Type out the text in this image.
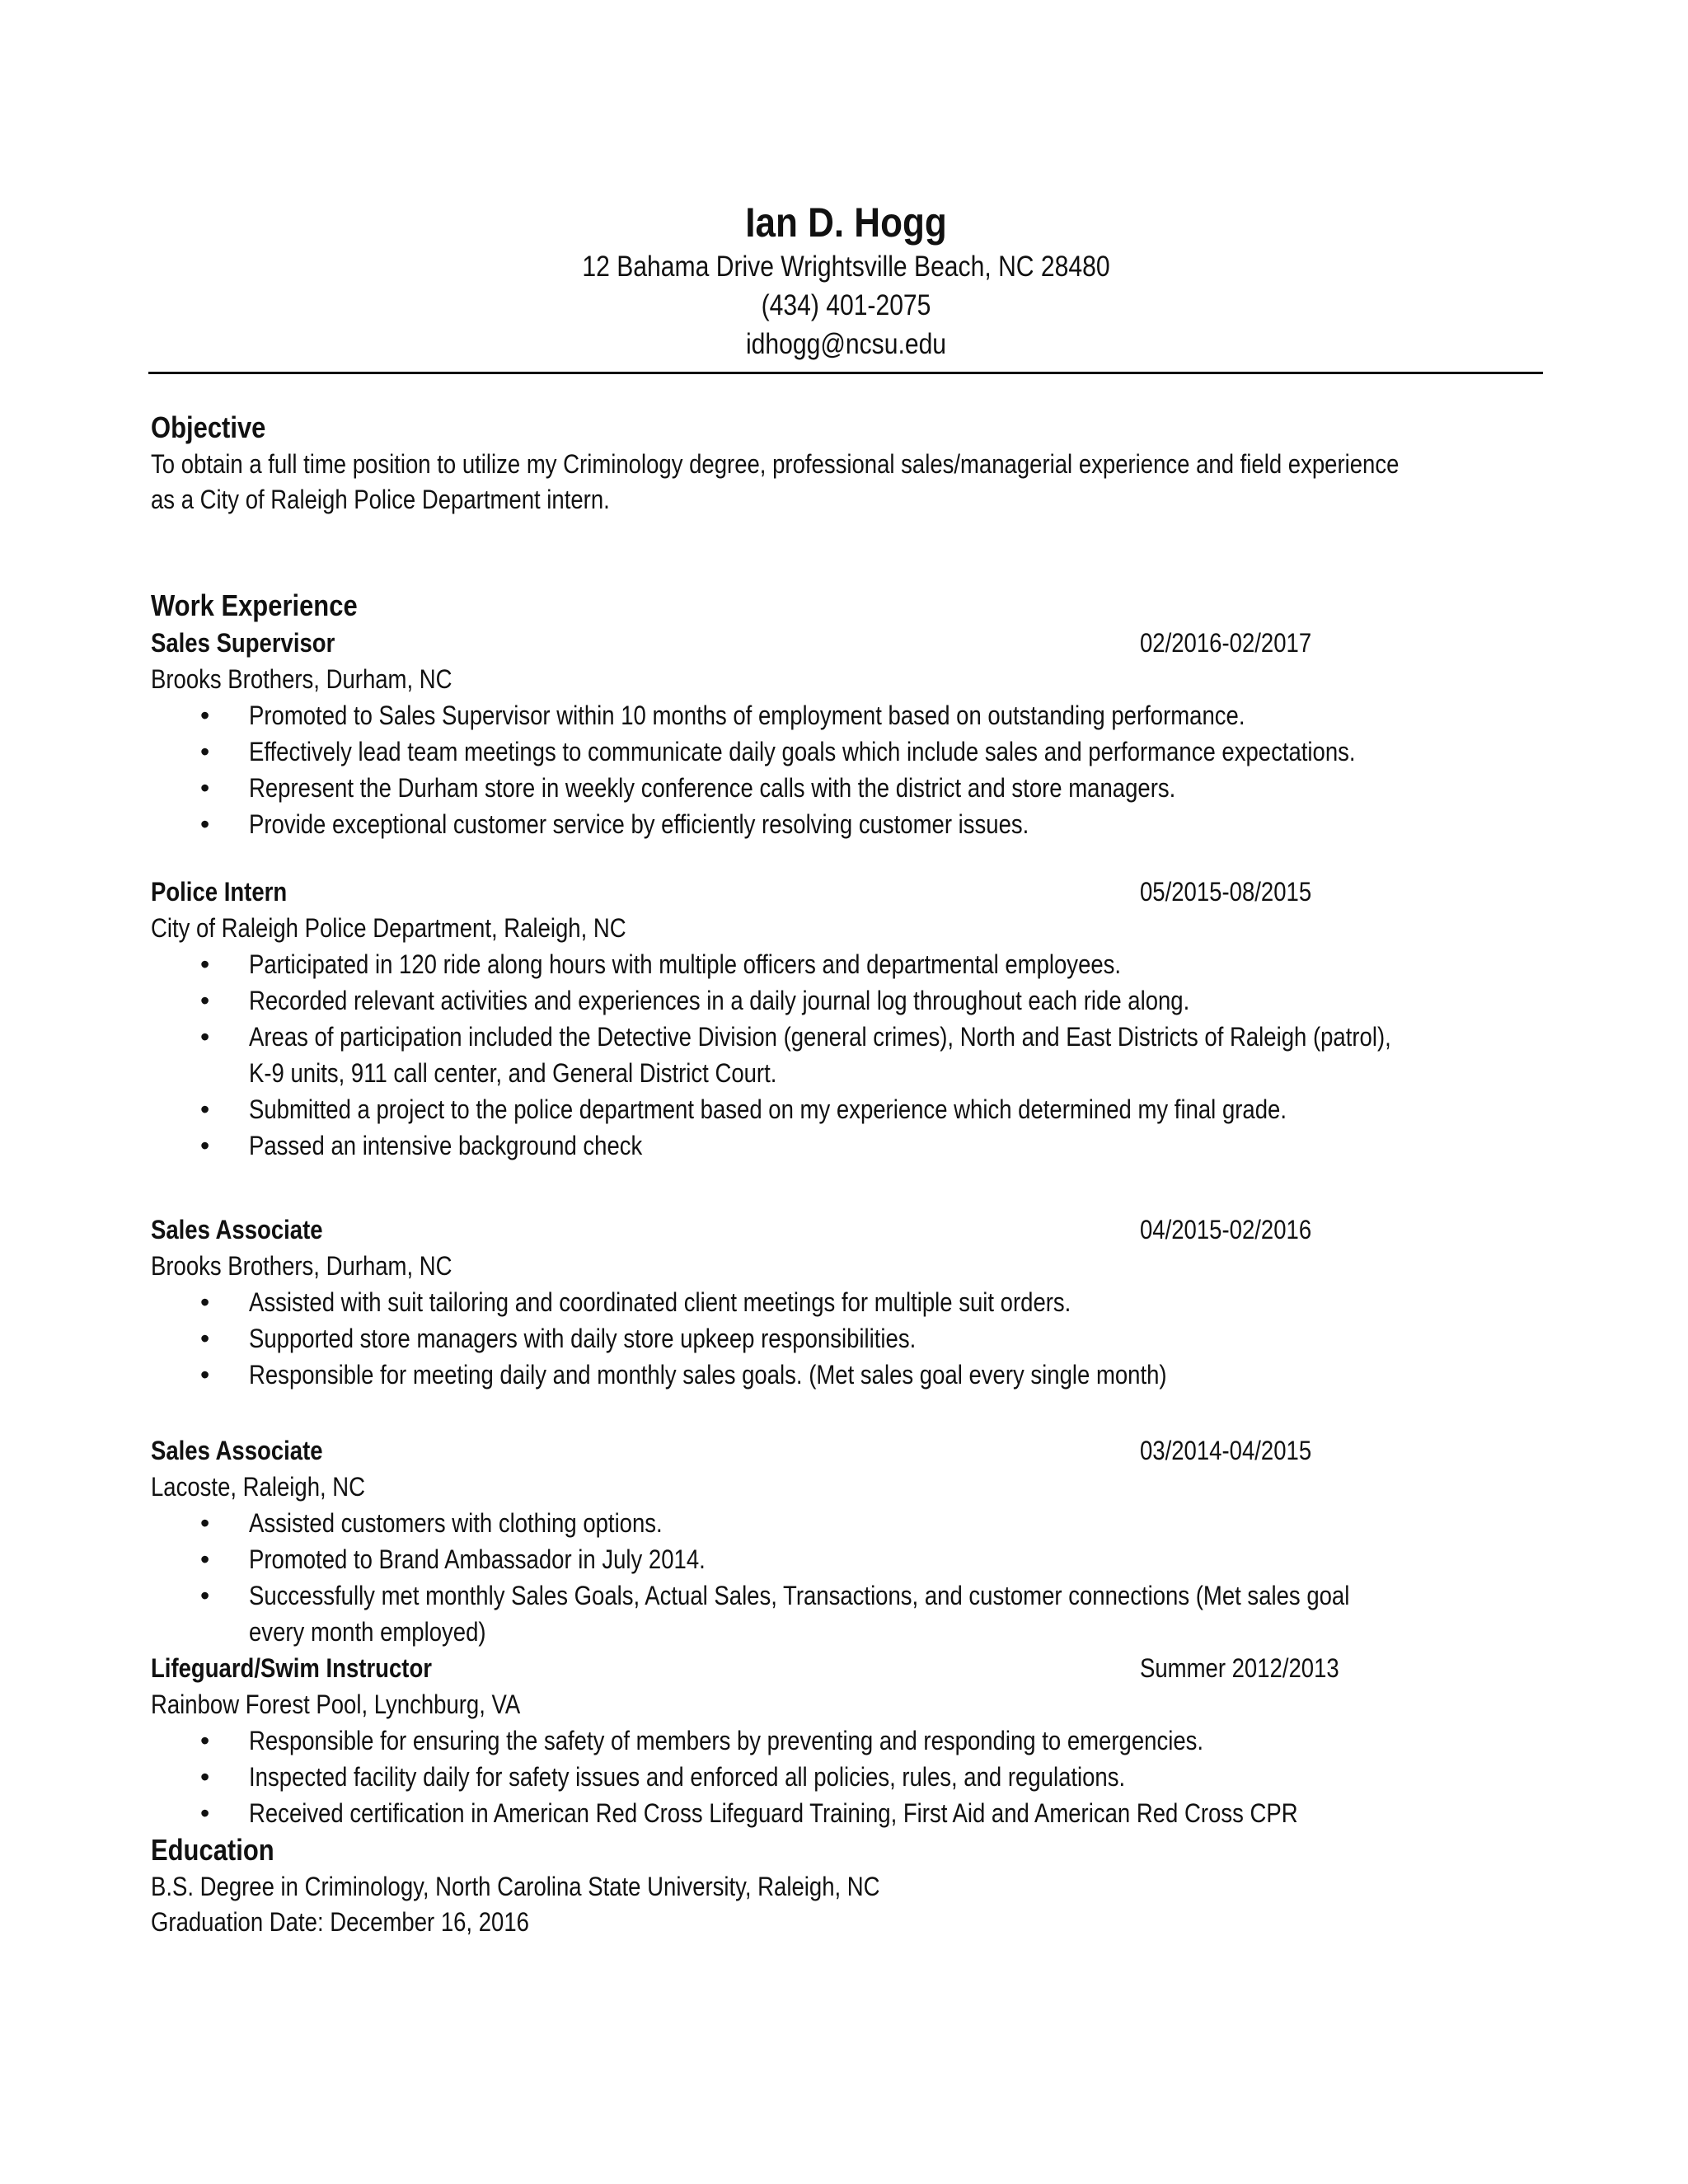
Ian D. Hogg
12 Bahama Drive Wrightsville Beach, NC 28480
(434) 401-2075
idhogg@ncsu.edu
Objective
To obtain a full time position to utilize my Criminology degree, professional sales/managerial experience and field experience
as a City of Raleigh Police Department intern.
Work Experience
Sales Supervisor	02/2016-02/2017
Brooks Brothers, Durham, NC
• Promoted to Sales Supervisor within 10 months of employment based on outstanding performance.
• Effectively lead team meetings to communicate daily goals which include sales and performance expectations.
• Represent the Durham store in weekly conference calls with the district and store managers.
• Provide exceptional customer service by efficiently resolving customer issues.
Police Intern	05/2015-08/2015
City of Raleigh Police Department, Raleigh, NC
• Participated in 120 ride along hours with multiple officers and departmental employees.
• Recorded relevant activities and experiences in a daily journal log throughout each ride along.
• Areas of participation included the Detective Division (general crimes), North and East Districts of Raleigh (patrol),
K-9 units, 911 call center, and General District Court.
• Submitted a project to the police department based on my experience which determined my final grade.
• Passed an intensive background check
Sales Associate	04/2015-02/2016
Brooks Brothers, Durham, NC
• Assisted with suit tailoring and coordinated client meetings for multiple suit orders.
• Supported store managers with daily store upkeep responsibilities.
• Responsible for meeting daily and monthly sales goals. (Met sales goal every single month)
Sales Associate	03/2014-04/2015
Lacoste, Raleigh, NC
• Assisted customers with clothing options.
• Promoted to Brand Ambassador in July 2014.
• Successfully met monthly Sales Goals, Actual Sales, Transactions, and customer connections (Met sales goal
every month employed)
Lifeguard/Swim Instructor	Summer 2012/2013
Rainbow Forest Pool, Lynchburg, VA
• Responsible for ensuring the safety of members by preventing and responding to emergencies.
• Inspected facility daily for safety issues and enforced all policies, rules, and regulations.
• Received certification in American Red Cross Lifeguard Training, First Aid and American Red Cross CPR
Education
B.S. Degree in Criminology, North Carolina State University, Raleigh, NC
Graduation Date: December 16, 2016
